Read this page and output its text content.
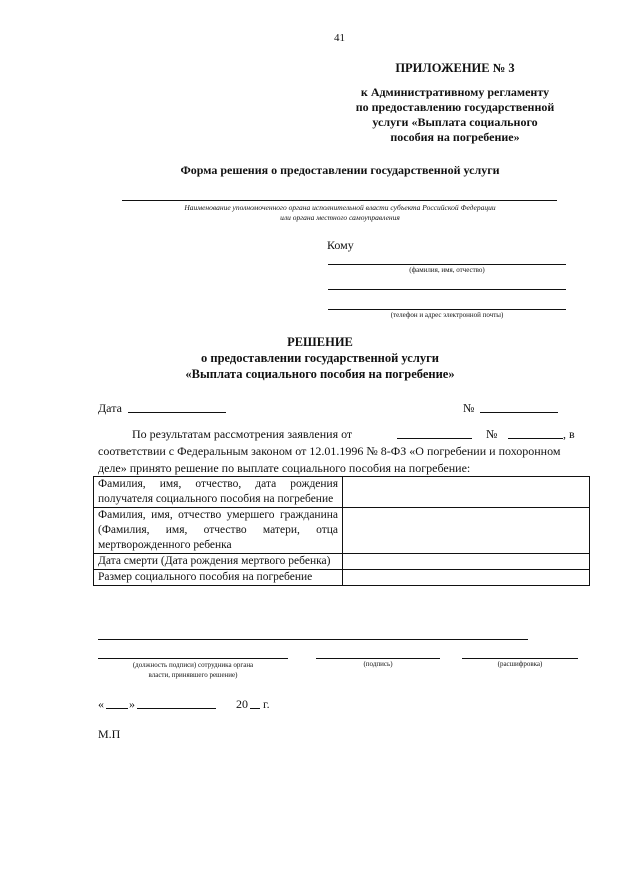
41
ПРИЛОЖЕНИЕ № 3
к Административному регламенту
по предоставлению государственной
услуги «Выплата социального
пособия на погребение»
Форма решения о предоставлении государственной услуги
Наименование уполномоченного органа исполнительной власти субъекта Российской Федерации
или органа местного самоуправления
Кому
(фамилия, имя, отчество)
(телефон и адрес электронной почты)
РЕШЕНИЕ
о предоставлении государственной услуги
«Выплата социального пособия на погребение»
Дата	№
По результатам рассмотрения заявления от	№	, в
соответствии с Федеральным законом от 12.01.1996 № 8-ФЗ «О погребении и похоронном
деле» принято решение по выплате социального пособия на погребение:
Фамилия, имя, отчество, дата рождения получателя социального пособия на погребение	
Фамилия, имя, отчество умершего гражданина (Фамилия, имя, отчество матери, отца мертворожденного ребенка	
Дата смерти (Дата рождения мертвого ребенка)	
Размер социального пособия на погребение	
(должность подписи) сотрудника органа
власти, принявшего решение)
(подпись)	(расшифровка)
« »	20 г.
М.П
